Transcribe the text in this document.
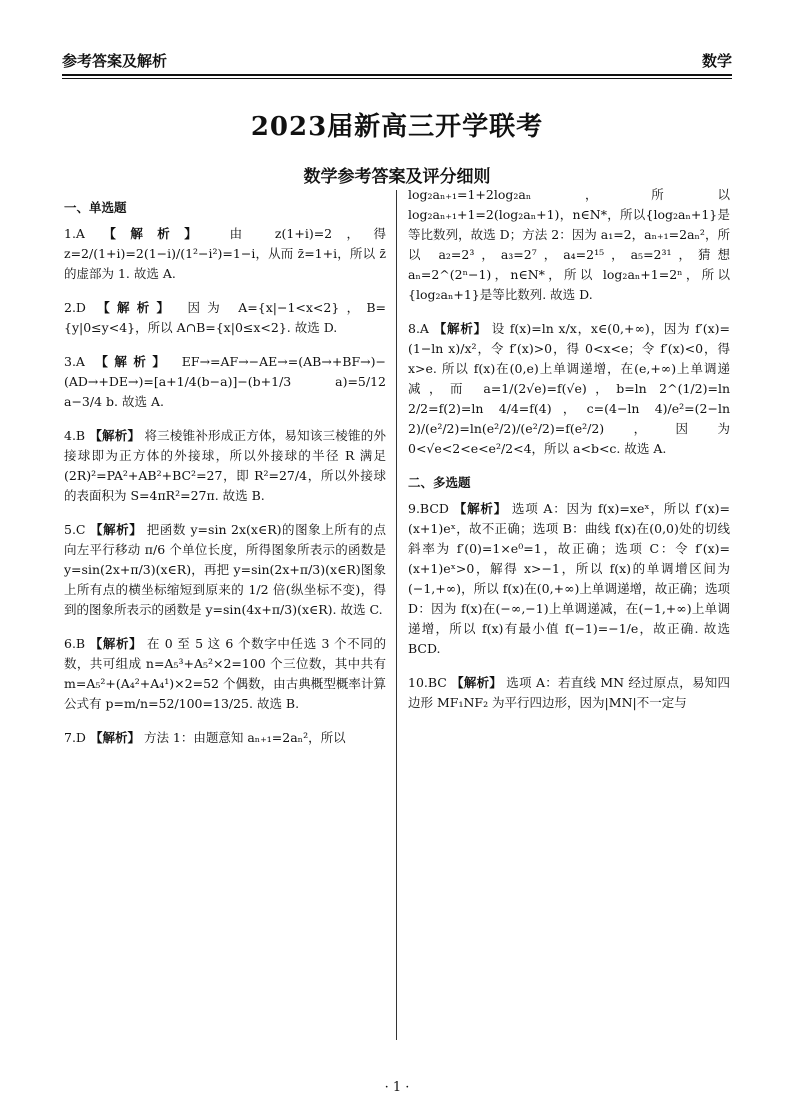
参考答案及解析	数学
2023届新高三开学联考
数学参考答案及评分细则
一、单选题
1.A 【解析】 由 z(1+i)=2，得 z=2/(1+i)=2(1−i)/(1²−i²)=1−i，从而 z̄=1+i，所以 z̄ 的虚部为 1. 故选 A.
2.D 【解析】 因为 A={x|−1<x<2}，B={y|0≤y<4}，所以 A∩B={x|0≤x<2}. 故选 D.
3.A 【解析】 EF→=AF→−AE→=(AB→+BF→)−(AD→+DE→)=[a+1/4(b−a)]−(b+1/3 a)=5/12 a−3/4 b. 故选 A.
4.B 【解析】 将三棱锥补形成正方体，易知该三棱锥的外接球即为正方体的外接球，所以外接球的半径 R 满足(2R)²=PA²+AB²+BC²=27，即 R²=27/4，所以外接球的表面积为 S=4πR²=27π. 故选 B.
5.C 【解析】 把函数 y=sin 2x(x∈R)的图象上所有的点向左平行移动 π/6 个单位长度，所得图象所表示的函数是 y=sin(2x+π/3)(x∈R)，再把 y=sin(2x+π/3)(x∈R)图象上所有点的横坐标缩短到原来的 1/2 倍(纵坐标不变)，得到的图象所表示的函数是 y=sin(4x+π/3)(x∈R). 故选 C.
6.B 【解析】 在 0 至 5 这 6 个数字中任选 3 个不同的数，共可组成 n=A₅³+A₅²×2=100 个三位数，其中共有 m=A₅²+(A₄²+A₄¹)×2=52 个偶数，由古典概型概率计算公式有 p=m/n=52/100=13/25. 故选 B.
7.D 【解析】 方法 1：由题意知 aₙ₊₁=2aₙ²，所以
log₂aₙ₊₁=1+2log₂aₙ，所以 log₂aₙ₊₁+1=2(log₂aₙ+1)，n∈N*，所以{log₂aₙ+1}是等比数列，故选 D；方法 2：因为 a₁=2，aₙ₊₁=2aₙ²，所以 a₂=2³，a₃=2⁷，a₄=2¹⁵，a₅=2³¹，猜想 aₙ=2^(2ⁿ−1)，n∈N*，所以 log₂aₙ+1=2ⁿ，所以{log₂aₙ+1}是等比数列. 故选 D.
8.A 【解析】 设 f(x)=ln x/x，x∈(0,+∞)，因为 f′(x)=(1−ln x)/x²，令 f′(x)>0，得 0<x<e；令 f′(x)<0，得 x>e. 所以 f(x)在(0,e)上单调递增，在(e,+∞)上单调递减，而 a=1/(2√e)=f(√e)，b=ln 2^(1/2)=ln 2/2=f(2)=ln 4/4=f(4)，c=(4−ln 4)/e²=(2−ln 2)/(e²/2)=ln(e²/2)/(e²/2)=f(e²/2)，因为 0<√e<2<e<e²/2<4，所以 a<b<c. 故选 A.
二、多选题
9.BCD 【解析】 选项 A：因为 f(x)=xeˣ，所以 f′(x)=(x+1)eˣ，故不正确；选项 B：曲线 f(x)在(0,0)处的切线斜率为 f′(0)=1×e⁰=1，故正确；选项 C：令 f′(x)=(x+1)eˣ>0，解得 x>−1，所以 f(x)的单调增区间为(−1,+∞)，所以 f(x)在(0,+∞)上单调递增，故正确；选项 D：因为 f(x)在(−∞,−1)上单调递减，在(−1,+∞)上单调递增，所以 f(x)有最小值 f(−1)=−1/e，故正确. 故选 BCD.
10.BC 【解析】 选项 A：若直线 MN 经过原点，易知四边形 MF₁NF₂ 为平行四边形，因为|MN|不一定与
· 1 ·
